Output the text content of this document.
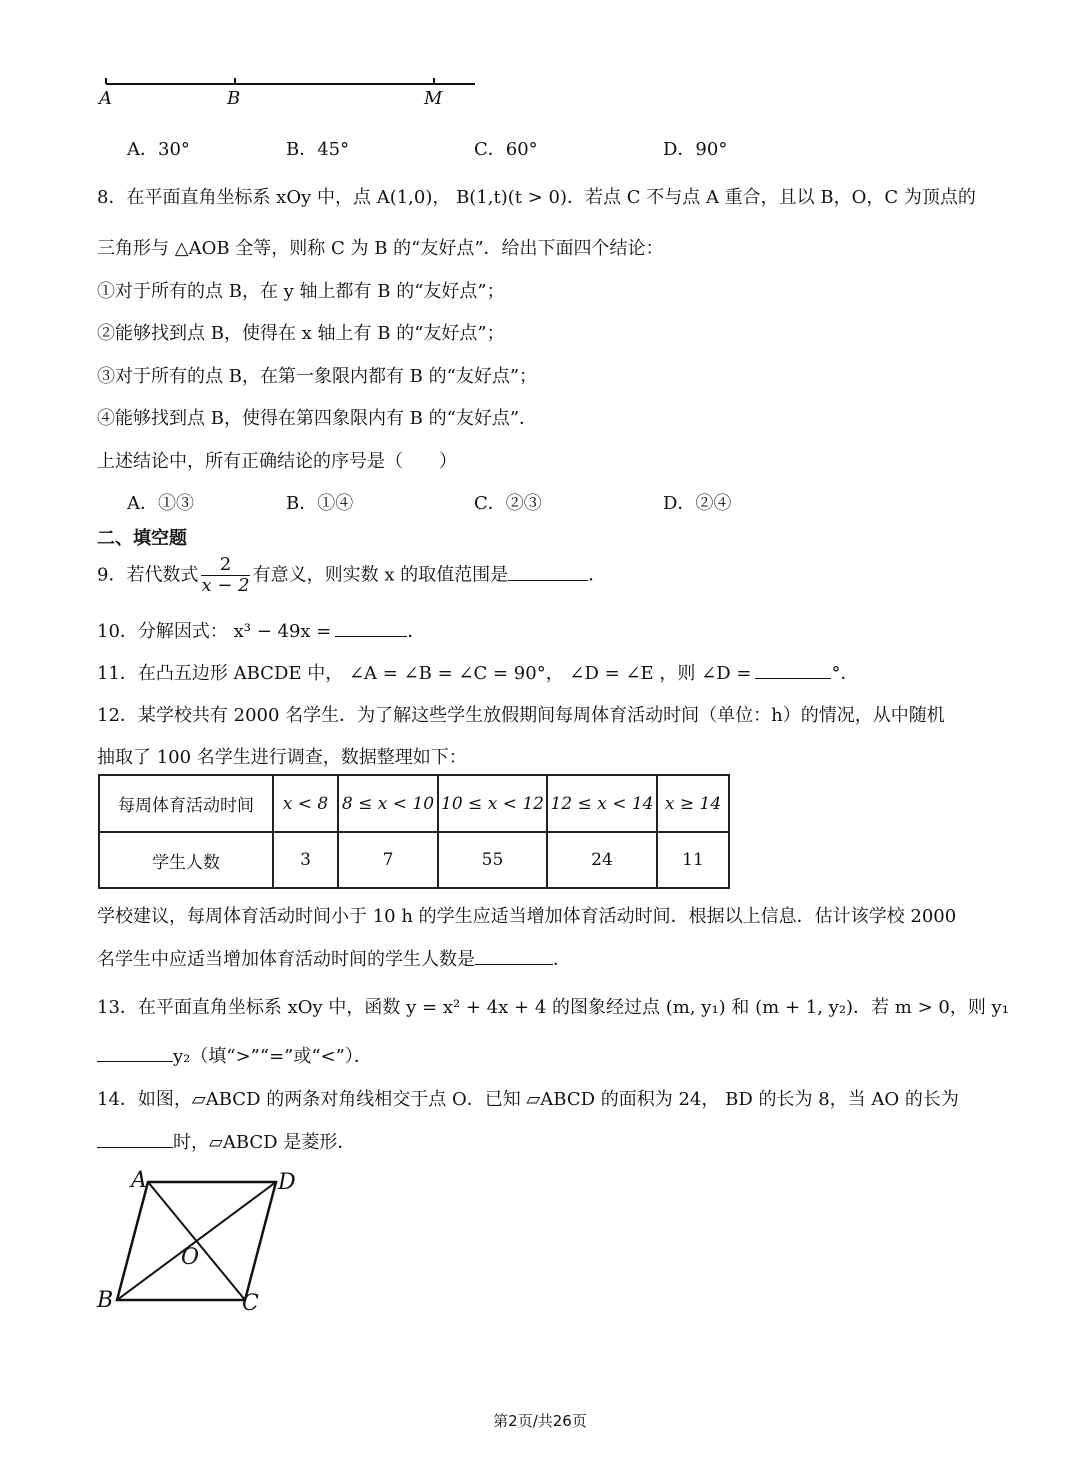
A	B	M
A．30°	B．45°	C．60°	D．90°
8．在平面直角坐标系 xOy 中，点 A(1,0)， B(1,t)(t > 0)．若点 C 不与点 A 重合，且以 B，O，C 为顶点的
三角形与 △AOB 全等，则称 C 为 B 的“友好点”．给出下面四个结论：
①对于所有的点 B，在 y 轴上都有 B 的“友好点”；
②能够找到点 B，使得在 x 轴上有 B 的“友好点”；
③对于所有的点 B，在第一象限内都有 B 的“友好点”；
④能够找到点 B，使得在第四象限内有 B 的“友好点”．
上述结论中，所有正确结论的序号是（　　）
A．①③	B．①④	C．②③	D．②④
二、填空题
9．若代数式 $\frac{2}{x - 2}$ 有意义，则实数 x 的取值范围是	．
10．分解因式： x³ − 49x =	．
11．在凸五边形 ABCDE 中， ∠A = ∠B = ∠C = 90°， ∠D = ∠E ，则 ∠D =	°．
12．某学校共有 2000 名学生．为了解这些学生放假期间每周体育活动时间（单位：h）的情况，从中随机
抽取了 100 名学生进行调查，数据整理如下：
每周体育活动时间	x < 8	8 ≤ x < 10	10 ≤ x < 12	12 ≤ x < 14	x ≥ 14
学生人数	3	7	55	24	11
学校建议，每周体育活动时间小于 10 h 的学生应适当增加体育活动时间．根据以上信息．估计该学校 2000
名学生中应适当增加体育活动时间的学生人数是	．
13．在平面直角坐标系 xOy 中，函数 y = x² + 4x + 4 的图象经过点 (m, y₁) 和 (m + 1, y₂)．若 m > 0，则 y₁
y₂（填“>”“=”或“<”）．
14．如图，▱ABCD 的两条对角线相交于点 O．已知 ▱ABCD 的面积为 24， BD 的长为 8，当 AO 的长为
时，▱ABCD 是菱形．
A	D
B	C
O
第2页/共26页
